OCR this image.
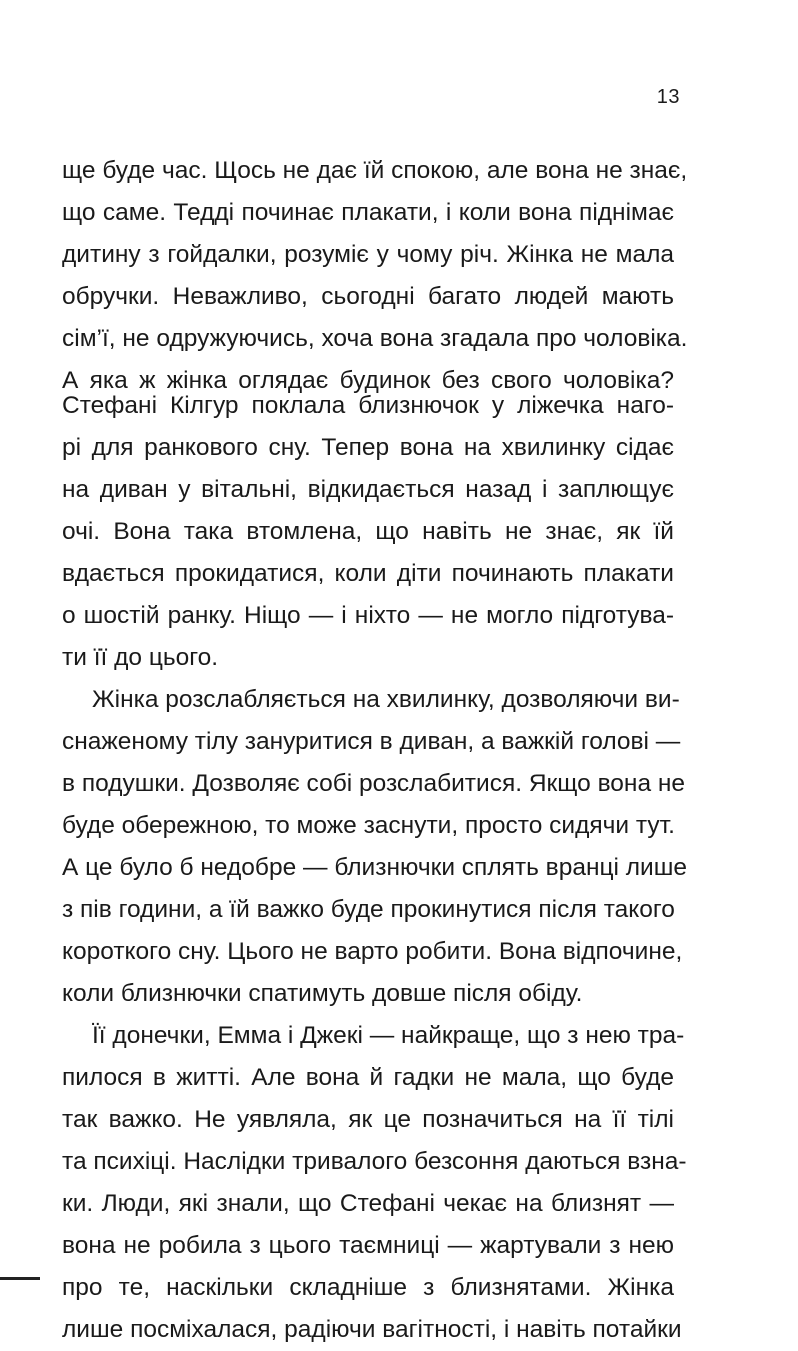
13
ще буде час. Щось не дає їй спокою, але вона не знає,
що саме. Тедді починає плакати, і коли вона піднімає
дитину з гойдалки, розуміє у чому річ. Жінка не мала
обручки. Неважливо, сьогодні багато людей мають
сім’ї, не одружуючись, хоча вона згадала про чоловіка.
А яка ж жінка оглядає будинок без свого чоловіка?
Стефані Кілгур поклала близнючок у ліжечка наго-
рі для ранкового сну. Тепер вона на хвилинку сідає
на диван у вітальні, відкидається назад і заплющує
очі. Вона така втомлена, що навіть не знає, як їй
вдається прокидатися, коли діти починають плакати
о шостій ранку. Ніщо — і ніхто — не могло підготува-
ти її до цього.
Жінка розслабляється на хвилинку, дозволяючи ви-
снаженому тілу зануритися в диван, а важкій голові —
в подушки. Дозволяє собі розслабитися. Якщо вона не
буде обережною, то може заснути, просто сидячи тут.
А це було б недобре — близнючки сплять вранці лише
з пів години, а їй важко буде прокинутися після такого
короткого сну. Цього не варто робити. Вона відпочине,
коли близнючки спатимуть довше після обіду.
Її донечки, Емма і Джекі — найкраще, що з нею тра-
пилося в житті. Але вона й гадки не мала, що буде
так важко. Не уявляла, як це позначиться на її тілі
та психіці. Наслідки тривалого безсоння даються взна-
ки. Люди, які знали, що Стефані чекає на близнят —
вона не робила з цього таємниці — жартували з нею
про те, наскільки складніше з близнятами. Жінка
лише посміхалася, радіючи вагітності, і навіть потайки
